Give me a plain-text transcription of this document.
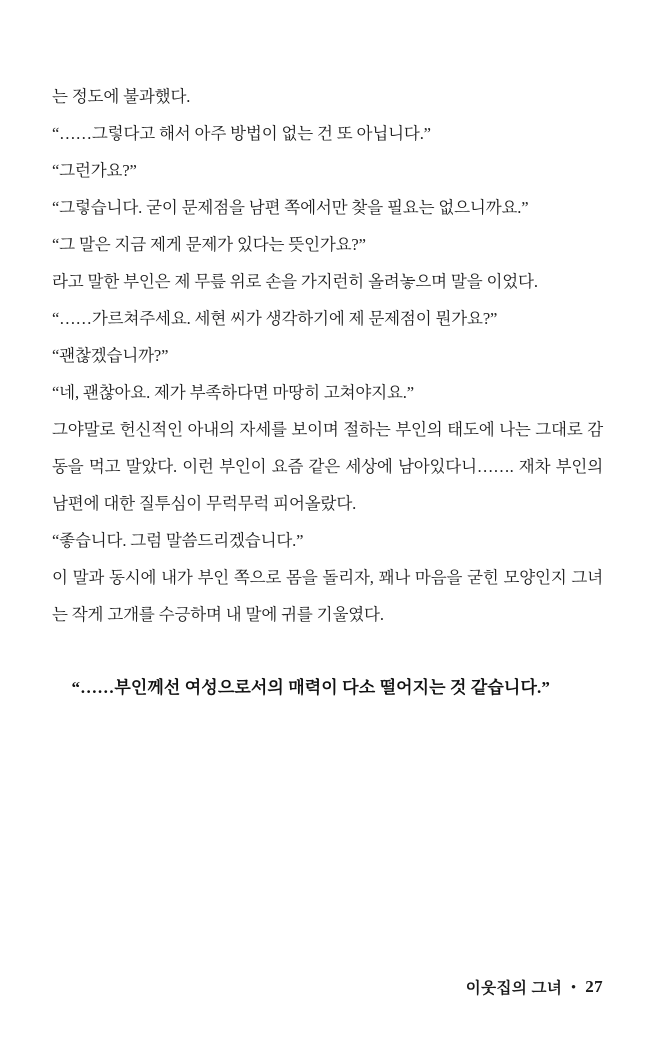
는 정도에 불과했다.

“……그렇다고 해서 아주 방법이 없는 건 또 아닙니다.”

“그런가요?”

“그렇습니다. 굳이 문제점을 남편 쪽에서만 찾을 필요는 없으니까요.”

“그 말은 지금 제게 문제가 있다는 뜻인가요?”

라고 말한 부인은 제 무릎 위로 손을 가지런히 올려놓으며 말을 이었다.

“……가르쳐주세요. 세현 씨가 생각하기에 제 문제점이 뭔가요?”

“괜찮겠습니까?”

“네, 괜찮아요. 제가 부족하다면 마땅히 고쳐야지요.”

그야말로 헌신적인 아내의 자세를 보이며 절하는 부인의 태도에 나는 그대로 감동을 먹고 말았다. 이런 부인이 요즘 같은 세상에 남아있다니……. 재차 부인의 남편에 대한 질투심이 무럭무럭 피어올랐다.

“좋습니다. 그럼 말씀드리겠습니다.”

이 말과 동시에 내가 부인 쪽으로 몸을 돌리자, 꽤나 마음을 굳힌 모양인지 그녀는 작게 고개를 수긍하며 내 말에 귀를 기울였다.

“……부인께선 여성으로서의 매력이 다소 떨어지는 것 같습니다.”

이웃집의 그녀 • 27
